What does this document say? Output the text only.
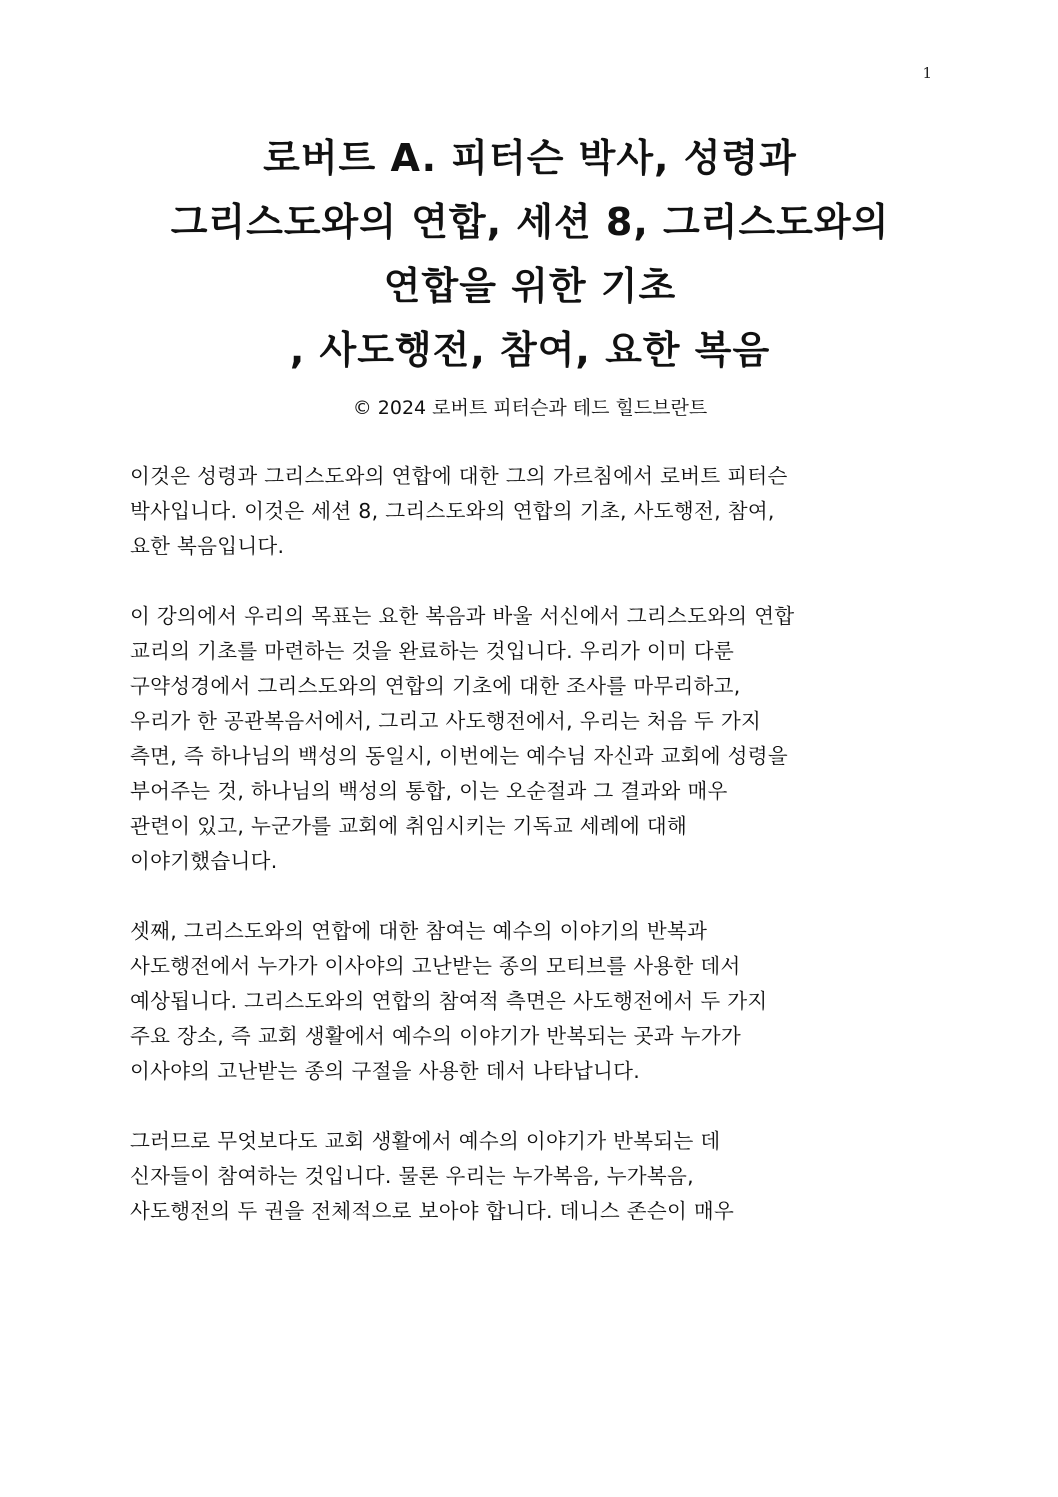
1
로버트 A. 피터슨 박사, 성령과
그리스도와의 연합, 세션 8, 그리스도와의
연합을 위한 기초
, 사도행전, 참여, 요한 복음
© 2024 로버트 피터슨과 테드 힐드브란트
이것은 성령과 그리스도와의 연합에 대한 그의 가르침에서 로버트 피터슨
박사입니다. 이것은 세션 8, 그리스도와의 연합의 기초, 사도행전, 참여,
요한 복음입니다.
이 강의에서 우리의 목표는 요한 복음과 바울 서신에서 그리스도와의 연합
교리의 기초를 마련하는 것을 완료하는 것입니다. 우리가 이미 다룬
구약성경에서 그리스도와의 연합의 기초에 대한 조사를 마무리하고,
우리가 한 공관복음서에서, 그리고 사도행전에서, 우리는 처음 두 가지
측면, 즉 하나님의 백성의 동일시, 이번에는 예수님 자신과 교회에 성령을
부어주는 것, 하나님의 백성의 통합, 이는 오순절과 그 결과와 매우
관련이 있고, 누군가를 교회에 취임시키는 기독교 세례에 대해
이야기했습니다.
셋째, 그리스도와의 연합에 대한 참여는 예수의 이야기의 반복과
사도행전에서 누가가 이사야의 고난받는 종의 모티브를 사용한 데서
예상됩니다. 그리스도와의 연합의 참여적 측면은 사도행전에서 두 가지
주요 장소, 즉 교회 생활에서 예수의 이야기가 반복되는 곳과 누가가
이사야의 고난받는 종의 구절을 사용한 데서 나타납니다.
그러므로 무엇보다도 교회 생활에서 예수의 이야기가 반복되는 데
신자들이 참여하는 것입니다. 물론 우리는 누가복음, 누가복음,
사도행전의 두 권을 전체적으로 보아야 합니다. 데니스 존슨이 매우
